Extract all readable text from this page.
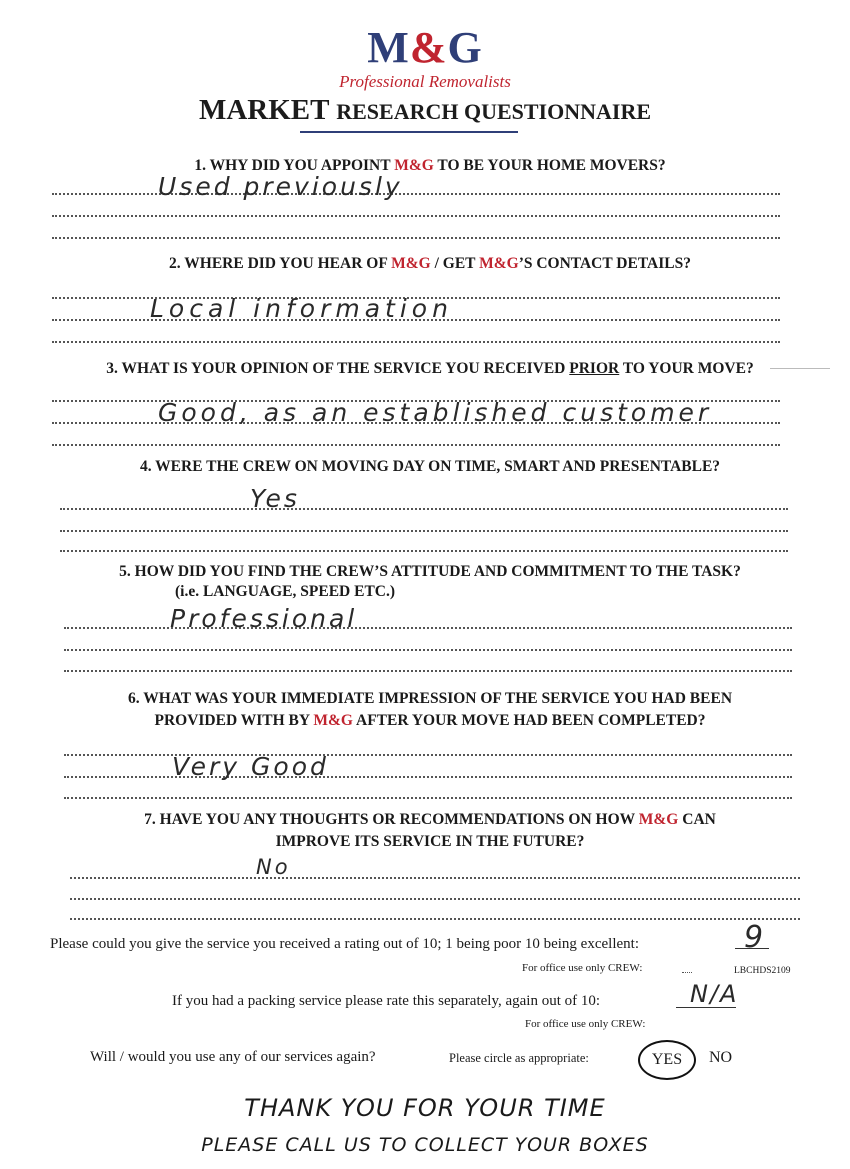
M&G
Professional Removalists
MARKET RESEARCH QUESTIONNAIRE
1. WHY DID YOU APPOINT M&G TO BE YOUR HOME MOVERS?
Used previously
2. WHERE DID YOU HEAR OF M&G / GET M&G’S CONTACT DETAILS?
Local information
3. WHAT IS YOUR OPINION OF THE SERVICE YOU RECEIVED PRIOR TO YOUR MOVE?
Good, as an established customer
4. WERE THE CREW ON MOVING DAY ON TIME, SMART AND PRESENTABLE?
Yes
5. HOW DID YOU FIND THE CREW’S ATTITUDE AND COMMITMENT TO THE TASK?
(i.e. LANGUAGE, SPEED ETC.)
Professional
6. WHAT WAS YOUR IMMEDIATE IMPRESSION OF THE SERVICE YOU HAD BEEN
PROVIDED WITH BY M&G AFTER YOUR MOVE HAD BEEN COMPLETED?
Very Good
7. HAVE YOU ANY THOUGHTS OR RECOMMENDATIONS ON HOW M&G CAN
IMPROVE ITS SERVICE IN THE FUTURE?
No
Please could you give the service you received a rating out of 10; 1 being poor 10 being excellent:	9
For office use only CREW:	LBCHDS2109
If you had a packing service please rate this separately, again out of 10:	N/A
For office use only CREW:
Will / would you use any of our services again?	Please circle as appropriate:	YES	NO
THANK YOU FOR YOUR TIME
PLEASE CALL US TO COLLECT YOUR BOXES
